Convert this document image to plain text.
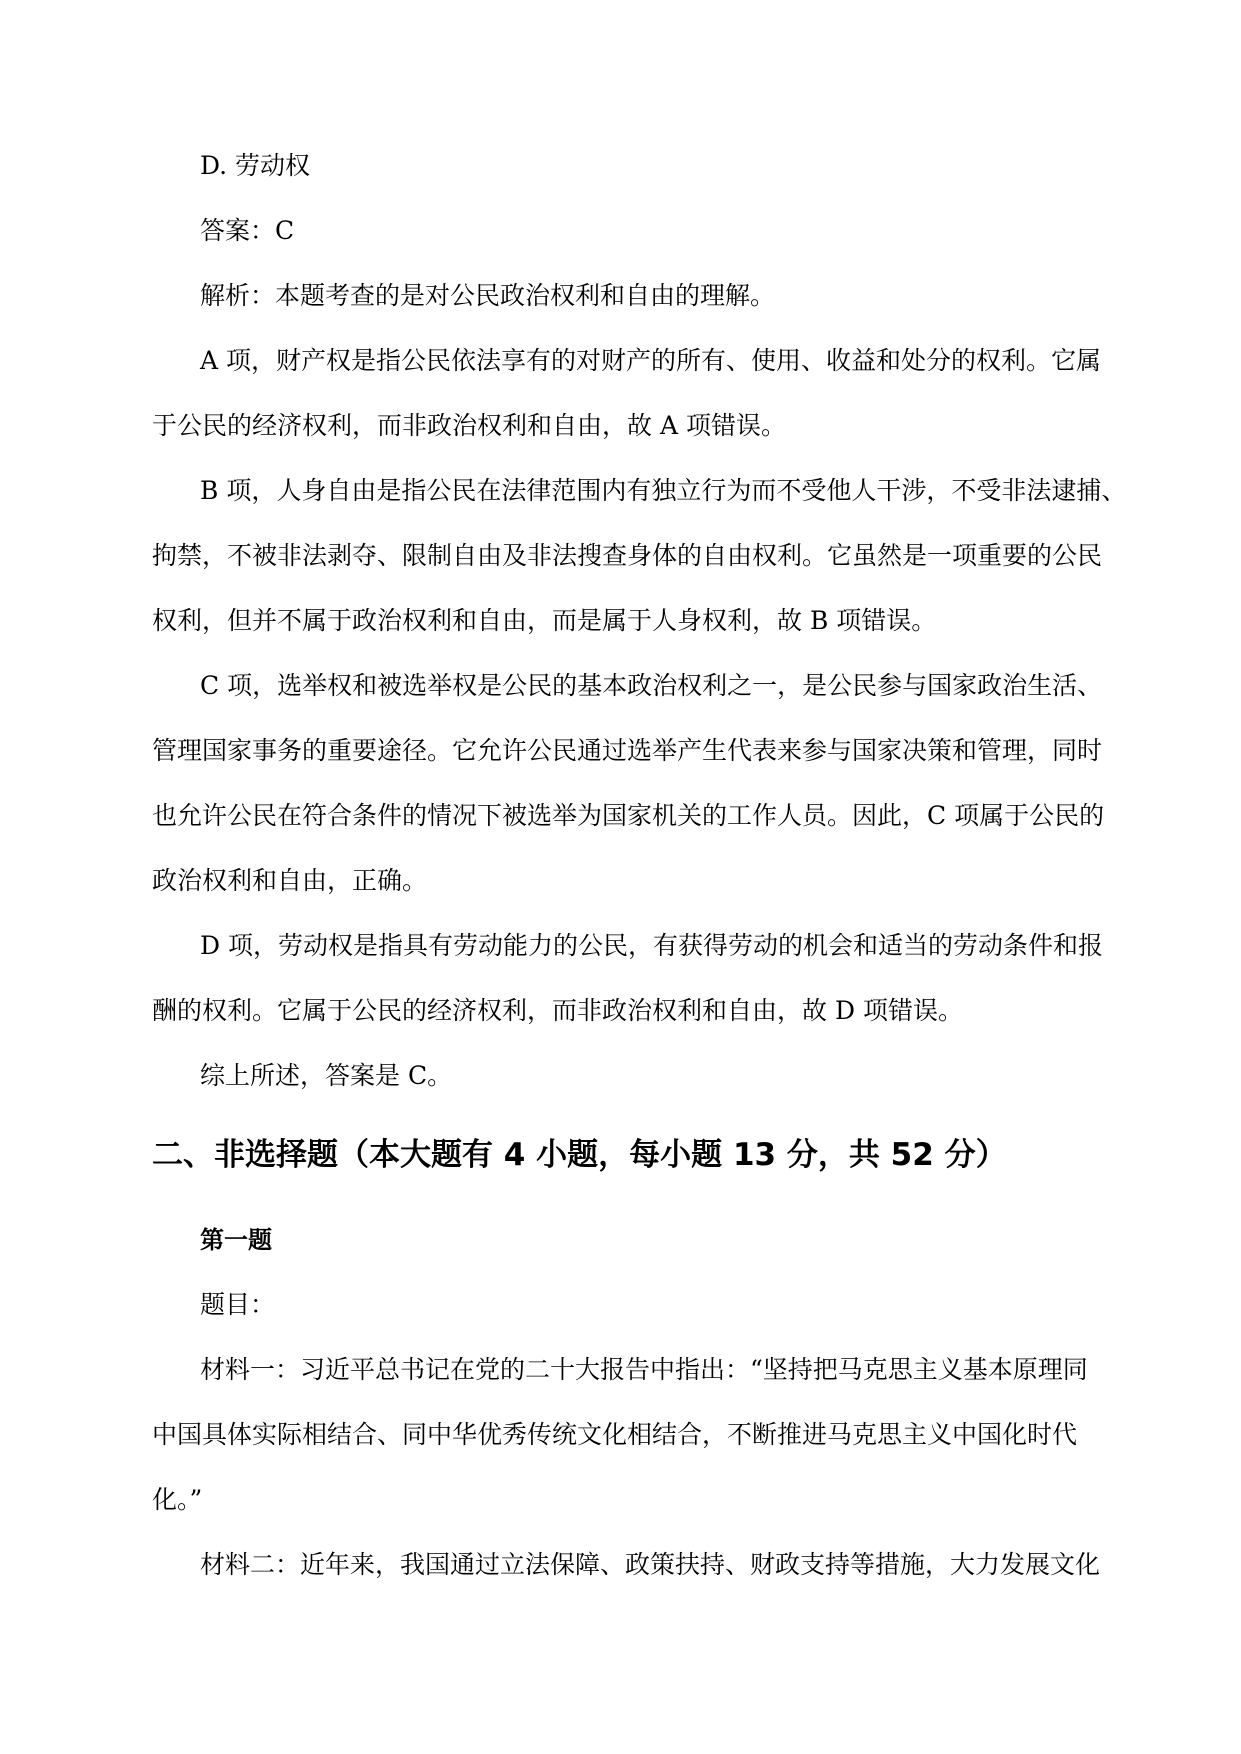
D. 劳动权
答案：C
解析：本题考查的是对公民政治权利和自由的理解。
A 项，财产权是指公民依法享有的对财产的所有、使用、收益和处分的权利。它属
于公民的经济权利，而非政治权利和自由，故 A 项错误。
B 项，人身自由是指公民在法律范围内有独立行为而不受他人干涉，不受非法逮捕、
拘禁，不被非法剥夺、限制自由及非法搜查身体的自由权利。它虽然是一项重要的公民
权利，但并不属于政治权利和自由，而是属于人身权利，故 B 项错误。
C 项，选举权和被选举权是公民的基本政治权利之一，是公民参与国家政治生活、
管理国家事务的重要途径。它允许公民通过选举产生代表来参与国家决策和管理，同时
也允许公民在符合条件的情况下被选举为国家机关的工作人员。因此，C 项属于公民的
政治权利和自由，正确。
D 项，劳动权是指具有劳动能力的公民，有获得劳动的机会和适当的劳动条件和报
酬的权利。它属于公民的经济权利，而非政治权利和自由，故 D 项错误。
综上所述，答案是 C。
二、非选择题（本大题有 4 小题，每小题 13 分，共 52 分）
第一题
题目：
材料一：习近平总书记在党的二十大报告中指出：“坚持把马克思主义基本原理同
中国具体实际相结合、同中华优秀传统文化相结合，不断推进马克思主义中国化时代
化。”
材料二：近年来，我国通过立法保障、政策扶持、财政支持等措施，大力发展文化
